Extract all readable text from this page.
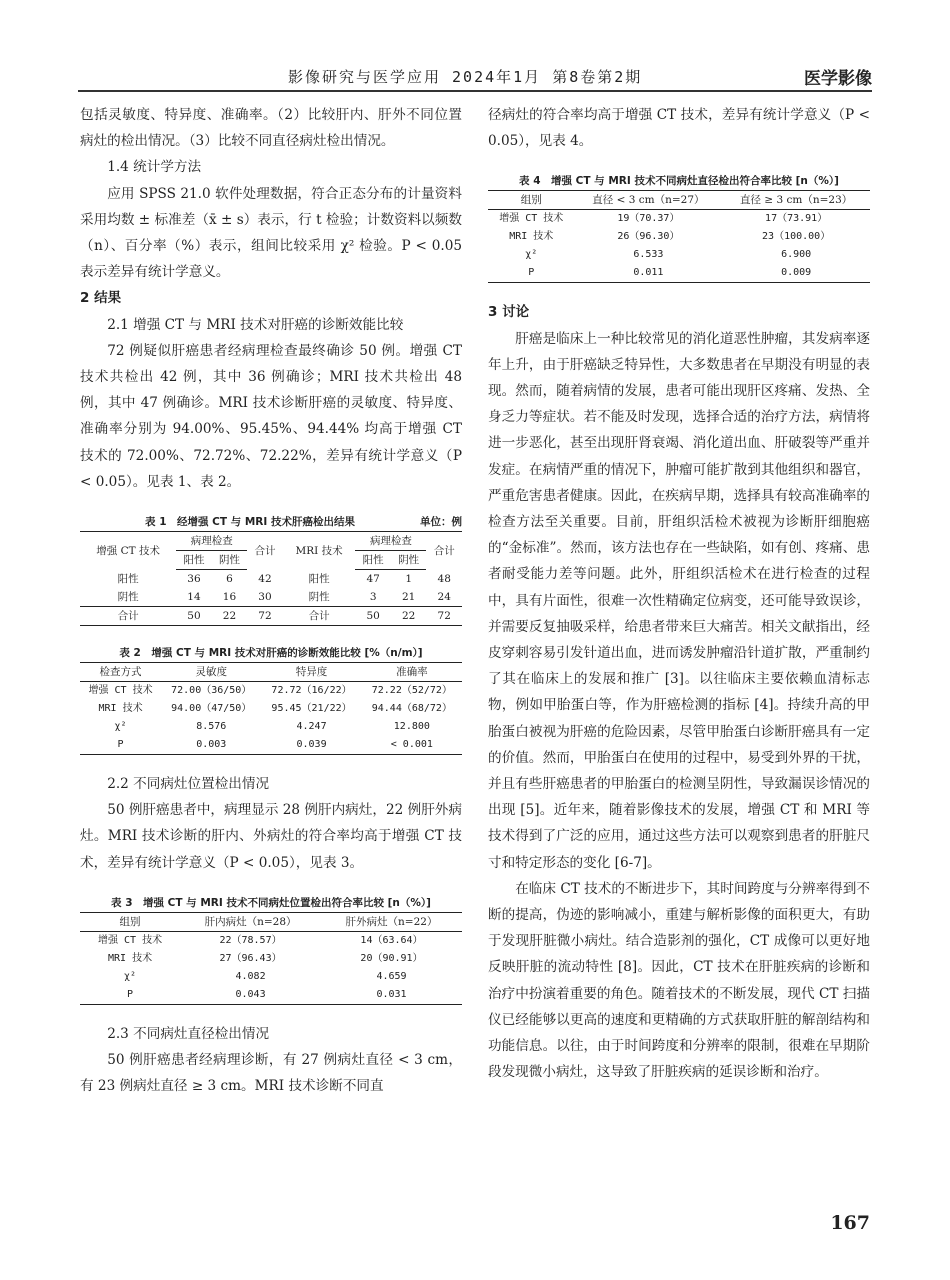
影像研究与医学应用 2024年1月 第8卷第2期	医学影像

包括灵敏度、特异度、准确率。（2）比较肝内、肝外不同位置病灶的检出情况。（3）比较不同直径病灶检出情况。

1.4 统计学方法

应用 SPSS 21.0 软件处理数据，符合正态分布的计量资料采用均数 ± 标准差（x̄ ± s）表示，行 t 检验；计数资料以频数（n）、百分率（%）表示，组间比较采用 χ² 检验。P < 0.05 表示差异有统计学意义。

2 结果

2.1 增强 CT 与 MRI 技术对肝癌的诊断效能比较

72 例疑似肝癌患者经病理检查最终确诊 50 例。增强 CT 技术共检出 42 例，其中 36 例确诊；MRI 技术共检出 48 例，其中 47 例确诊。MRI 技术诊断肝癌的灵敏度、特异度、准确率分别为 94.00%、95.45%、94.44% 均高于增强 CT 技术的 72.00%、72.72%、72.22%，差异有统计学意义（P < 0.05）。见表 1、表 2。

表 1　经增强 CT 与 MRI 技术肝癌检出结果	单位：例
增强 CT 技术	病理检查		合计	MRI 技术	病理检查		合计
	阳性	阴性			阳性	阴性	
阳性	36	6	42	阳性	47	1	48
阴性	14	16	30	阴性	3	21	24
合计	50	22	72	合计	50	22	72
表 2　增强 CT 与 MRI 技术对肝癌的诊断效能比较 [%（n/m）]
检查方式	灵敏度	特异度	准确率
增强 CT 技术	72.00（36/50）	72.72（16/22）	72.22（52/72）
MRI 技术	94.00（47/50）	95.45（21/22）	94.44（68/72）
χ²	8.576	4.247	12.800
P	0.003	0.039	< 0.001

2.2 不同病灶位置检出情况

50 例肝癌患者中，病理显示 28 例肝内病灶，22 例肝外病灶。MRI 技术诊断的肝内、外病灶的符合率均高于增强 CT 技术，差异有统计学意义（P < 0.05），见表 3。

表 3　增强 CT 与 MRI 技术不同病灶位置检出符合率比较 [n（%）]
组别	肝内病灶（n=28）	肝外病灶（n=22）
增强 CT 技术	22（78.57）	14（63.64）
MRI 技术	27（96.43）	20（90.91）
χ²	4.082	4.659
P	0.043	0.031

2.3 不同病灶直径检出情况

50 例肝癌患者经病理诊断，有 27 例病灶直径 < 3 cm，有 23 例病灶直径 ≥ 3 cm。MRI 技术诊断不同直

径病灶的符合率均高于增强 CT 技术，差异有统计学意义（P < 0.05），见表 4。

表 4　增强 CT 与 MRI 技术不同病灶直径检出符合率比较 [n（%）]
组别	直径 < 3 cm（n=27）	直径 ≥ 3 cm（n=23）
增强 CT 技术	19（70.37）	17（73.91）
MRI 技术	26（96.30）	23（100.00）
χ²	6.533	6.900
P	0.011	0.009

3 讨论

肝癌是临床上一种比较常见的消化道恶性肿瘤，其发病率逐年上升，由于肝癌缺乏特异性，大多数患者在早期没有明显的表现。然而，随着病情的发展，患者可能出现肝区疼痛、发热、全身乏力等症状。若不能及时发现，选择合适的治疗方法，病情将进一步恶化，甚至出现肝肾衰竭、消化道出血、肝破裂等严重并发症。在病情严重的情况下，肿瘤可能扩散到其他组织和器官，严重危害患者健康。因此，在疾病早期，选择具有较高准确率的检查方法至关重要。目前，肝组织活检术被视为诊断肝细胞癌的“金标准”。然而，该方法也存在一些缺陷，如有创、疼痛、患者耐受能力差等问题。此外，肝组织活检术在进行检查的过程中，具有片面性，很难一次性精确定位病变，还可能导致误诊，并需要反复抽吸采样，给患者带来巨大痛苦。相关文献指出，经皮穿刺容易引发针道出血，进而诱发肿瘤沿针道扩散，严重制约了其在临床上的发展和推广 [3]。以往临床主要依赖血清标志物，例如甲胎蛋白等，作为肝癌检测的指标 [4]。持续升高的甲胎蛋白被视为肝癌的危险因素，尽管甲胎蛋白诊断肝癌具有一定的价值。然而，甲胎蛋白在使用的过程中，易受到外界的干扰，并且有些肝癌患者的甲胎蛋白的检测呈阴性，导致漏误诊情况的出现 [5]。近年来，随着影像技术的发展，增强 CT 和 MRI 等技术得到了广泛的应用，通过这些方法可以观察到患者的肝脏尺寸和特定形态的变化 [6-7]。

在临床 CT 技术的不断进步下，其时间跨度与分辨率得到不断的提高，伪迹的影响减小，重建与解析影像的面积更大，有助于发现肝脏微小病灶。结合造影剂的强化，CT 成像可以更好地反映肝脏的流动特性 [8]。因此，CT 技术在肝脏疾病的诊断和治疗中扮演着重要的角色。随着技术的不断发展，现代 CT 扫描仪已经能够以更高的速度和更精确的方式获取肝脏的解剖结构和功能信息。以往，由于时间跨度和分辨率的限制，很难在早期阶段发现微小病灶，这导致了肝脏疾病的延误诊断和治疗。

167
